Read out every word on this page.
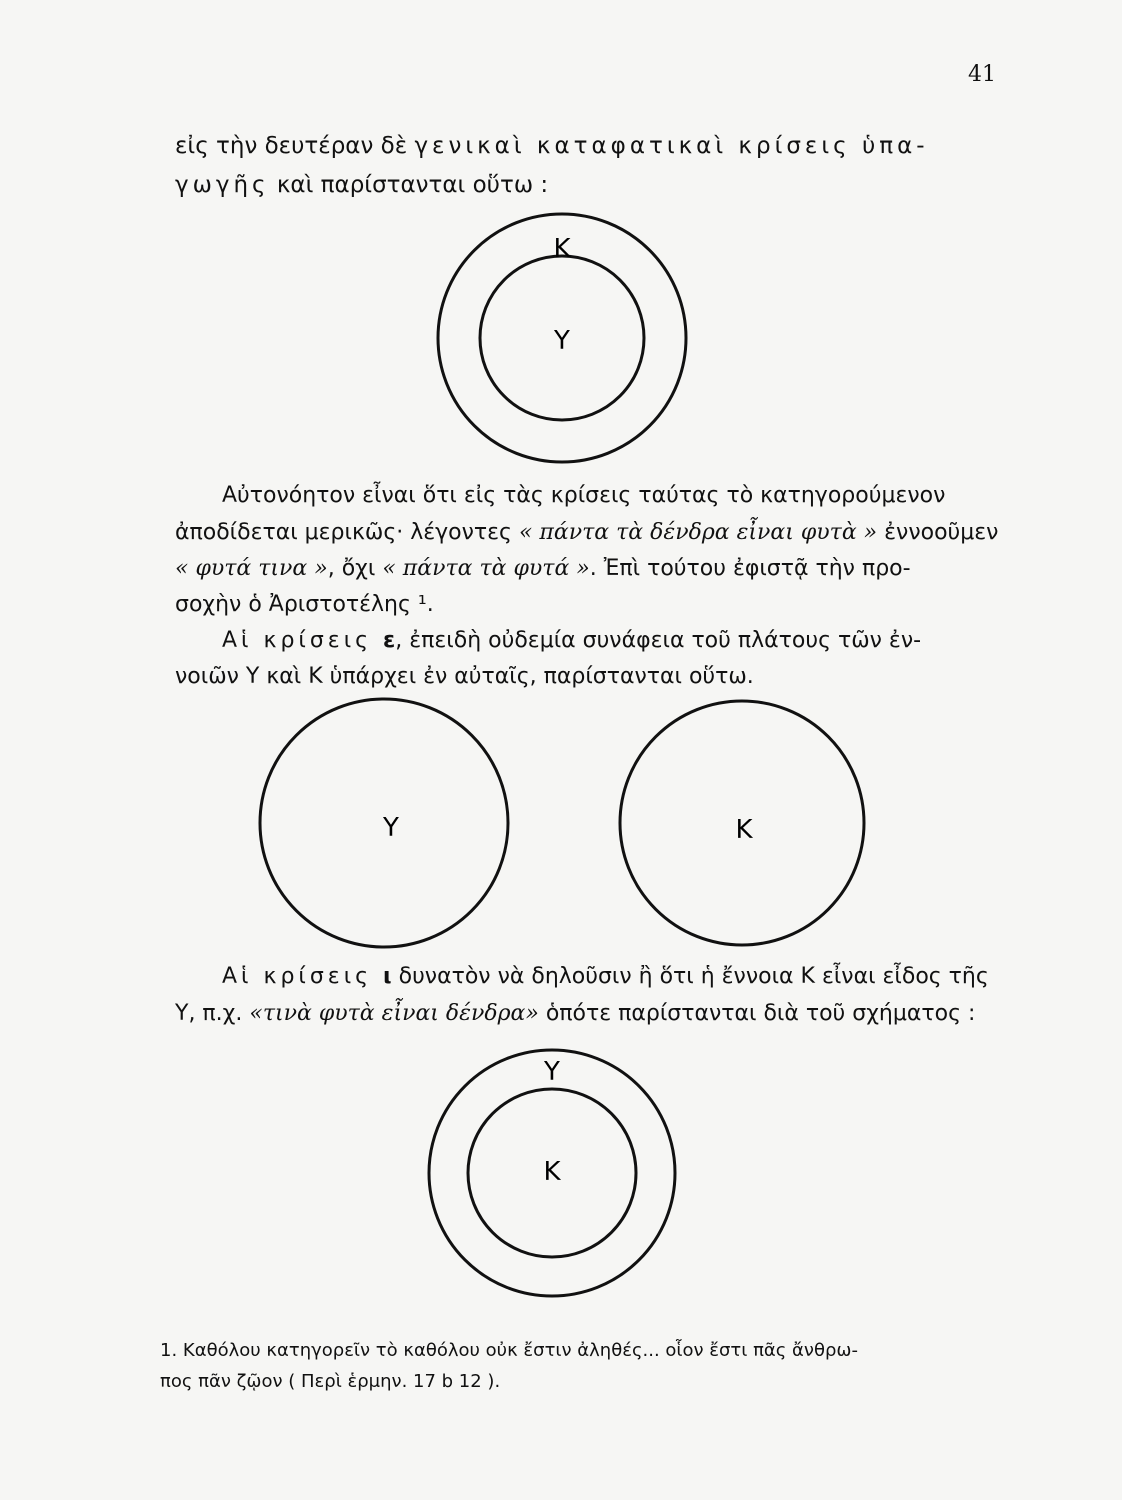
41
εἰς τὴν δευτέραν δὲ γενικαὶ καταφατικαὶ κρίσεις ὑπα-
γωγῆς καὶ παρίστανται οὕτω :
Κ
Υ
Αὐτονόητον εἶναι ὅτι εἰς τὰς κρίσεις ταύτας τὸ κατηγορούμενον
ἀποδίδεται μερικῶς· λέγοντες « πάντα τὰ δένδρα εἶναι φυτὰ » ἐννοοῦμεν
« φυτά τινα », ὄχι « πάντα τὰ φυτά ». Ἐπὶ τούτου ἐφιστᾷ τὴν προ-
σοχὴν ὁ Ἀριστοτέλης ¹.
Αἱ κρίσεις ε, ἐπειδὴ οὐδεμία συνάφεια τοῦ πλάτους τῶν ἐν-
νοιῶν Υ καὶ Κ ὑπάρχει ἐν αὐταῖς, παρίστανται οὕτω.
Υ	Κ
Αἱ κρίσεις ι δυνατὸν νὰ δηλοῦσιν ἢ ὅτι ἡ ἔννοια Κ εἶναι εἶδος τῆς
Υ, π.χ. «τινὰ φυτὰ εἶναι δένδρα» ὁπότε παρίστανται διὰ τοῦ σχήματος :
Υ
Κ
1. Καθόλου κατηγορεῖν τὸ καθόλου οὐκ ἔστιν ἀληθές... οἷον ἔστι πᾶς ἄνθρω-
πος πᾶν ζῷον ( Περὶ ἑρμην. 17 b 12 ).
